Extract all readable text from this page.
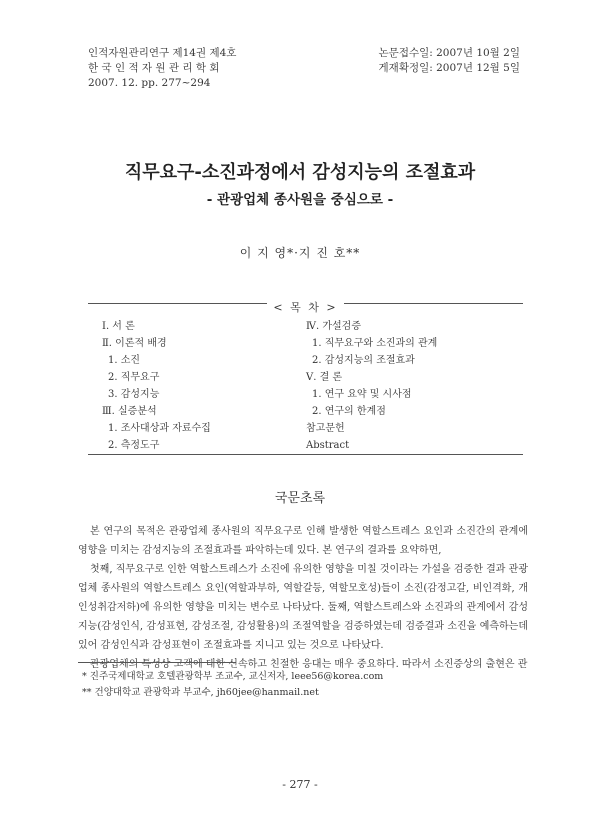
인적자원관리연구 제14권 제4호
한 국 인 적 자 원 관 리 학 회
2007. 12. pp. 277~294
논문접수일: 2007년 10월 2일
게재확정일: 2007년 12월 5일
직무요구-소진과정에서 감성지능의 조절효과
- 관광업체 종사원을 중심으로 -
이 지 영*·지 진 호**
< 목 차 >
Ⅰ. 서 론
Ⅱ. 이론적 배경
1. 소진
2. 직무요구
3. 감성지능
Ⅲ. 실증분석
1. 조사대상과 자료수집
2. 측정도구
Ⅳ. 가설검증
1. 직무요구와 소진과의 관계
2. 감성지능의 조절효과
Ⅴ. 결 론
1. 연구 요약 및 시사점
2. 연구의 한계점
참고문헌
Abstract
국문초록

본 연구의 목적은 관광업체 종사원의 직무요구로 인해 발생한 역할스트레스 요인과 소진간의 관계에 영향을 미치는 감성지능의 조절효과를 파악하는데 있다. 본 연구의 결과를 요약하면,

첫째, 직무요구로 인한 역할스트레스가 소진에 유의한 영향을 미칠 것이라는 가설을 검증한 결과 관광업체 종사원의 역할스트레스 요인(역할과부하, 역할갈등, 역할모호성)들이 소진(감정고갈, 비인격화, 개인성취감저하)에 유의한 영향을 미치는 변수로 나타났다. 둘째, 역할스트레스와 소진과의 관계에서 감성지능(감성인식, 감성표현, 감성조절, 감성활용)의 조절역할을 검증하였는데 검증결과 소진을 예측하는데 있어 감성인식과 감성표현이 조절효과를 지니고 있는 것으로 나타났다.

관광업체의 특성상 고객에 대한 신속하고 친절한 응대는 매우 중요하다. 따라서 소진증상의 출현은 관

* 진주국제대학교 호텔관광학부 조교수, 교신저자, leee56@korea.com
** 건양대학교 관광학과 부교수, jh60jee@hanmail.net
- 277 -
